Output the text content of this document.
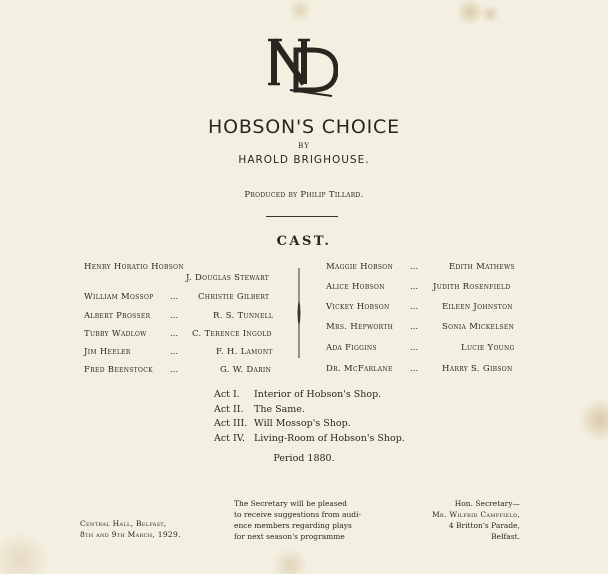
HOBSON'S CHOICE
BY
HAROLD BRIGHOUSE.
Produced by Philip Tillard.
CAST.
Henry Horatio Hobson
J. Douglas Stewart
William Mossop ... Christie Gilbert
Albert Prosser ...	R. S. Tunnell
Tubby Wadlow	... C. Terence Ingold
Jim Heeler	...	F. H. Lamont
Fred Beenstock ...	G. W. Darin
Maggie Hobson ...	Edith Mathews
Alice Hobson	... Judith Rosenfield
Vickey Hobson ...	Eileen Johnston
Mrs. Hepworth ...	Sonia Mickelsen
Ada Figgins	...	Lucie Young
Dr. McFarlane ...	Harry S. Gibson
Act I. Interior of Hobson's Shop.
Act II. The Same.
Act III. Will Mossop's Shop.
Act IV. Living-Room of Hobson's Shop.
Period 1880.
Central Hall, Belfast,
8th and 9th March, 1929.
The Secretary will be pleased
to receive suggestions from audi-
ence members regarding plays
for next season's programme
Hon. Secretary—
Mr. Wilfrid Campfield,
4 Britton's Parade,
Belfast.
